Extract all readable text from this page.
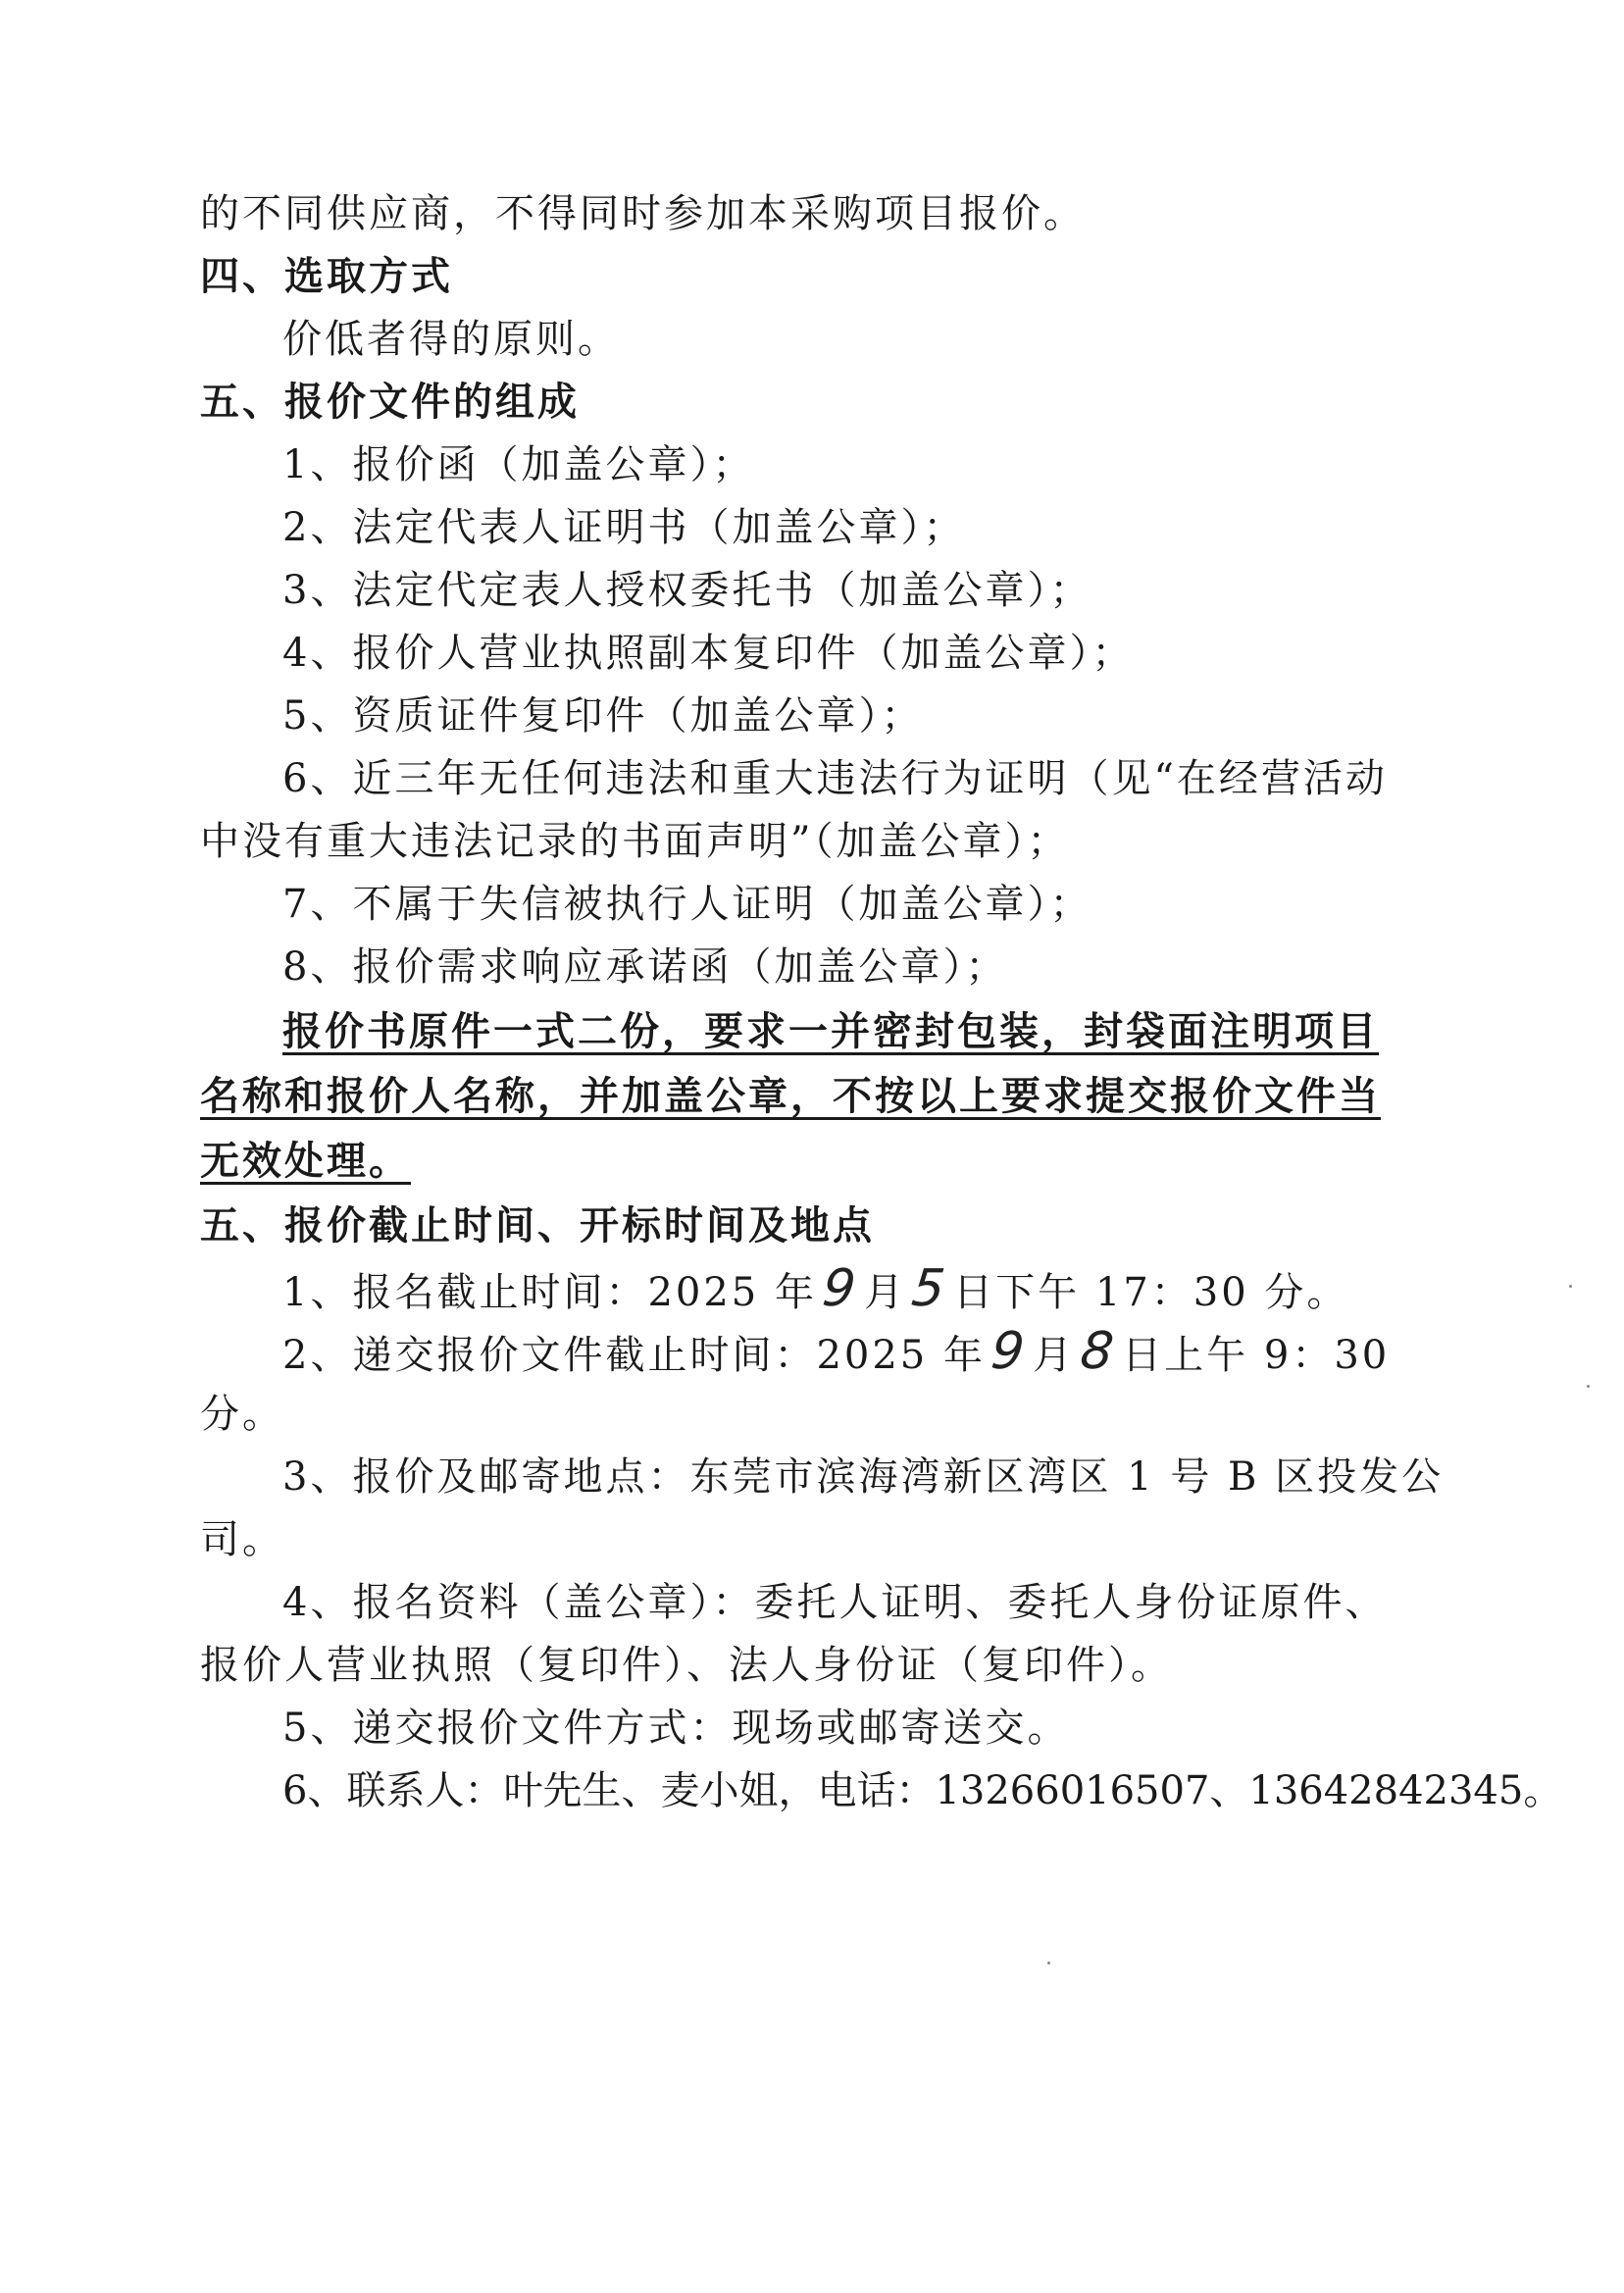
的不同供应商，不得同时参加本采购项目报价。
四、选取方式
价低者得的原则。
五、报价文件的组成
1、报价函（加盖公章）；
2、法定代表人证明书（加盖公章）；
3、法定代定表人授权委托书（加盖公章）；
4、报价人营业执照副本复印件（加盖公章）；
5、资质证件复印件（加盖公章）；
6、近三年无任何违法和重大违法行为证明（见“在经营活动
中没有重大违法记录的书面声明”（加盖公章）；
7、不属于失信被执行人证明（加盖公章）；
8、报价需求响应承诺函（加盖公章）；
报价书原件一式二份，要求一并密封包装，封袋面注明项目
名称和报价人名称，并加盖公章，不按以上要求提交报价文件当
无效处理。
五、报价截止时间、开标时间及地点
1、报名截止时间：2025 年9月5日下午 17：30 分。
2、递交报价文件截止时间：2025 年9月8日上午 9：30
分。
3、报价及邮寄地点：东莞市滨海湾新区湾区 1 号 B 区投发公
司。
4、报名资料（盖公章）：委托人证明、委托人身份证原件、
报价人营业执照（复印件）、法人身份证（复印件）。
5、递交报价文件方式：现场或邮寄送交。
6、联系人：叶先生、麦小姐，电话：13266016507、13642842345。
